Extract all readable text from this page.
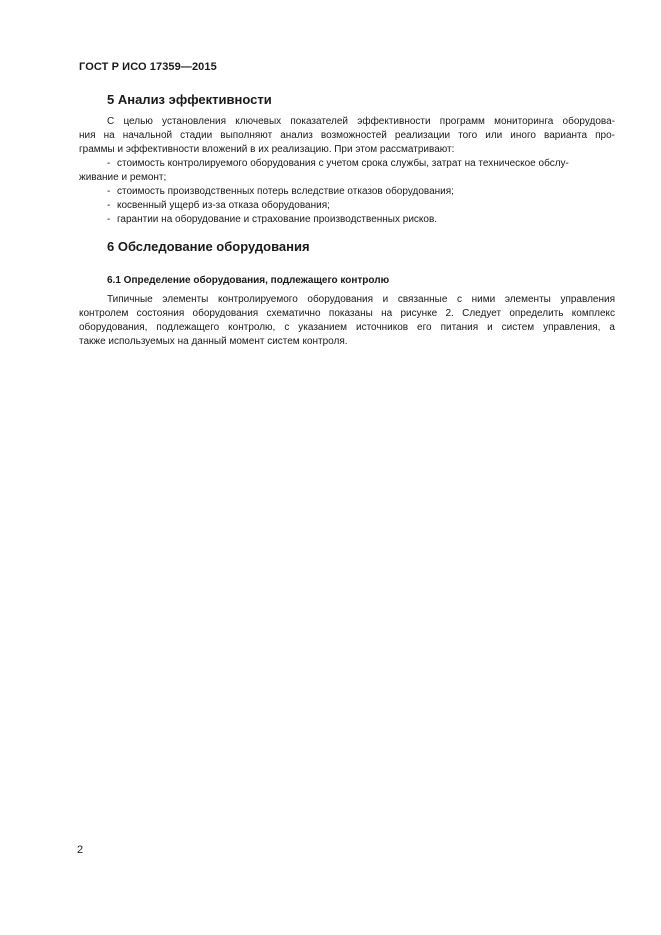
ГОСТ Р ИСО 17359—2015
5 Анализ эффективности
С целью установления ключевых показателей эффективности программ мониторинга оборудова-
ния на начальной стадии выполняют анализ возможностей реализации того или иного варианта про-
граммы и эффективности вложений в их реализацию. При этом рассматривают:
- стоимость контролируемого оборудования с учетом срока службы, затрат на техническое обслу-
живание и ремонт;
- стоимость производственных потерь вследствие отказов оборудования;
- косвенный ущерб из-за отказа оборудования;
- гарантии на оборудование и страхование производственных рисков.
6 Обследование оборудования
6.1 Определение оборудования, подлежащего контролю
Типичные элементы контролируемого оборудования и связанные с ними элементы управления
контролем состояния оборудования схематично показаны на рисунке 2. Следует определить комплекс
оборудования, подлежащего контролю, с указанием источников его питания и систем управления, а
также используемых на данный момент систем контроля.
2
